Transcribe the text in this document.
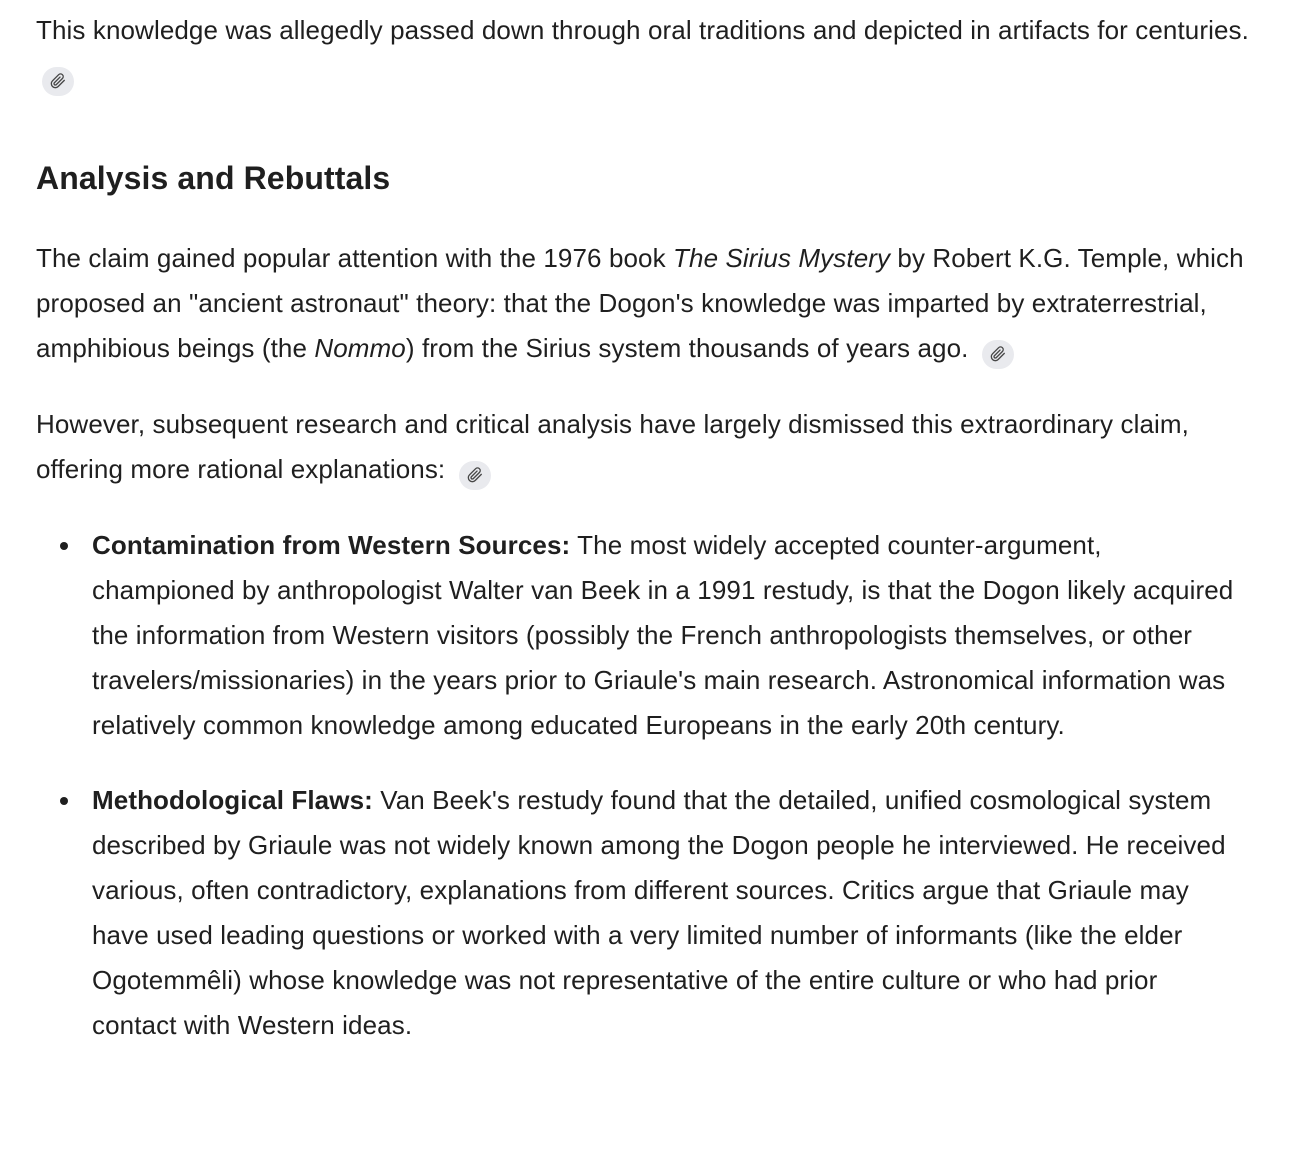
This knowledge was allegedly passed down through oral traditions and depicted in artifacts for centuries.

Analysis and Rebuttals

The claim gained popular attention with the 1976 book The Sirius Mystery by Robert K.G. Temple, which proposed an "ancient astronaut" theory: that the Dogon's knowledge was imparted by extraterrestrial, amphibious beings (the Nommo) from the Sirius system thousands of years ago.

However, subsequent research and critical analysis have largely dismissed this extraordinary claim, offering more rational explanations:

• Contamination from Western Sources: The most widely accepted counter-argument, championed by anthropologist Walter van Beek in a 1991 restudy, is that the Dogon likely acquired the information from Western visitors (possibly the French anthropologists themselves, or other travelers/missionaries) in the years prior to Griaule's main research. Astronomical information was relatively common knowledge among educated Europeans in the early 20th century.
• Methodological Flaws: Van Beek's restudy found that the detailed, unified cosmological system described by Griaule was not widely known among the Dogon people he interviewed. He received various, often contradictory, explanations from different sources. Critics argue that Griaule may have used leading questions or worked with a very limited number of informants (like the elder Ogotemmêli) whose knowledge was not representative of the entire culture or who had prior contact with Western ideas.
